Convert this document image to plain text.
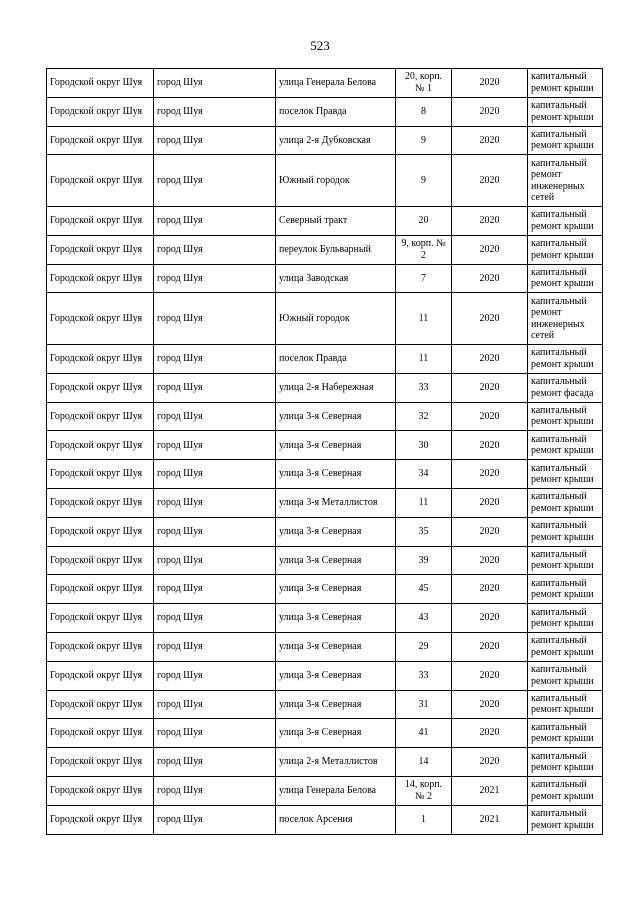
523
Городской округ Шуя	город Шуя	улица Генерала Белова	20, корп. № 1	2020	капитальный ремонт крыши
Городской округ Шуя	город Шуя	поселок Правда	8	2020	капитальный ремонт крыши
Городской округ Шуя	город Шуя	улица 2-я Дубковская	9	2020	капитальный ремонт крыши
Городской округ Шуя	город Шуя	Южный городок	9	2020	капитальный ремонт инженерных сетей
Городской округ Шуя	город Шуя	Северный тракт	20	2020	капитальный ремонт крыши
Городской округ Шуя	город Шуя	переулок Бульварный	9, корп. № 2	2020	капитальный ремонт крыши
Городской округ Шуя	город Шуя	улица Заводская	7	2020	капитальный ремонт крыши
Городской округ Шуя	город Шуя	Южный городок	11	2020	капитальный ремонт инженерных сетей
Городской округ Шуя	город Шуя	поселок Правда	11	2020	капитальный ремонт крыши
Городской округ Шуя	город Шуя	улица 2-я Набережная	33	2020	капитальный ремонт фасада
Городской округ Шуя	город Шуя	улица 3-я Северная	32	2020	капитальный ремонт крыши
Городской округ Шуя	город Шуя	улица 3-я Северная	30	2020	капитальный ремонт крыши
Городской округ Шуя	город Шуя	улица 3-я Северная	34	2020	капитальный ремонт крыши
Городской округ Шуя	город Шуя	улица 3-я Металлистов	11	2020	капитальный ремонт крыши
Городской округ Шуя	город Шуя	улица 3-я Северная	35	2020	капитальный ремонт крыши
Городской округ Шуя	город Шуя	улица 3-я Северная	39	2020	капитальный ремонт крыши
Городской округ Шуя	город Шуя	улица 3-я Северная	45	2020	капитальный ремонт крыши
Городской округ Шуя	город Шуя	улица 3-я Северная	43	2020	капитальный ремонт крыши
Городской округ Шуя	город Шуя	улица 3-я Северная	29	2020	капитальный ремонт крыши
Городской округ Шуя	город Шуя	улица 3-я Северная	33	2020	капитальный ремонт крыши
Городской округ Шуя	город Шуя	улица 3-я Северная	31	2020	капитальный ремонт крыши
Городской округ Шуя	город Шуя	улица 3-я Северная	41	2020	капитальный ремонт крыши
Городской округ Шуя	город Шуя	улица 2-я Металлистов	14	2020	капитальный ремонт крыши
Городской округ Шуя	город Шуя	улица Генерала Белова	14, корп. № 2	2021	капитальный ремонт крыши
Городской округ Шуя	город Шуя	поселок Арсения	1	2021	капитальный ремонт крыши
